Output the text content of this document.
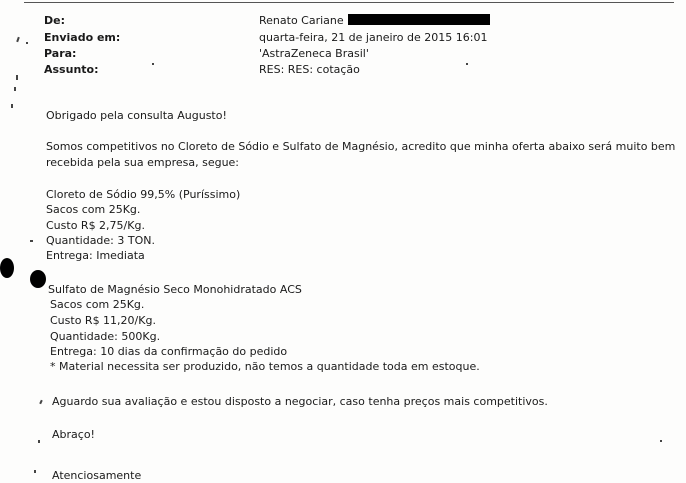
De:	Renato Cariane
Enviado em:	quarta-feira, 21 de janeiro de 2015 16:01
Para:	'AstraZeneca Brasil'
Assunto:	RES: RES: cotação
Obrigado pela consulta Augusto!
Somos competitivos no Cloreto de Sódio e Sulfato de Magnésio, acredito que minha oferta abaixo será muito bem
recebida pela sua empresa, segue:
Cloreto de Sódio 99,5% (Puríssimo)
Sacos com 25Kg.
Custo R$ 2,75/Kg.
Quantidade: 3 TON.
Entrega: Imediata
Sulfato de Magnésio Seco Monohidratado ACS
Sacos com 25Kg.
Custo R$ 11,20/Kg.
Quantidade: 500Kg.
Entrega: 10 dias da confirmação do pedido
* Material necessita ser produzido, não temos a quantidade toda em estoque.
Aguardo sua avaliação e estou disposto a negociar, caso tenha preços mais competitivos.
Abraço!
Atenciosamente
